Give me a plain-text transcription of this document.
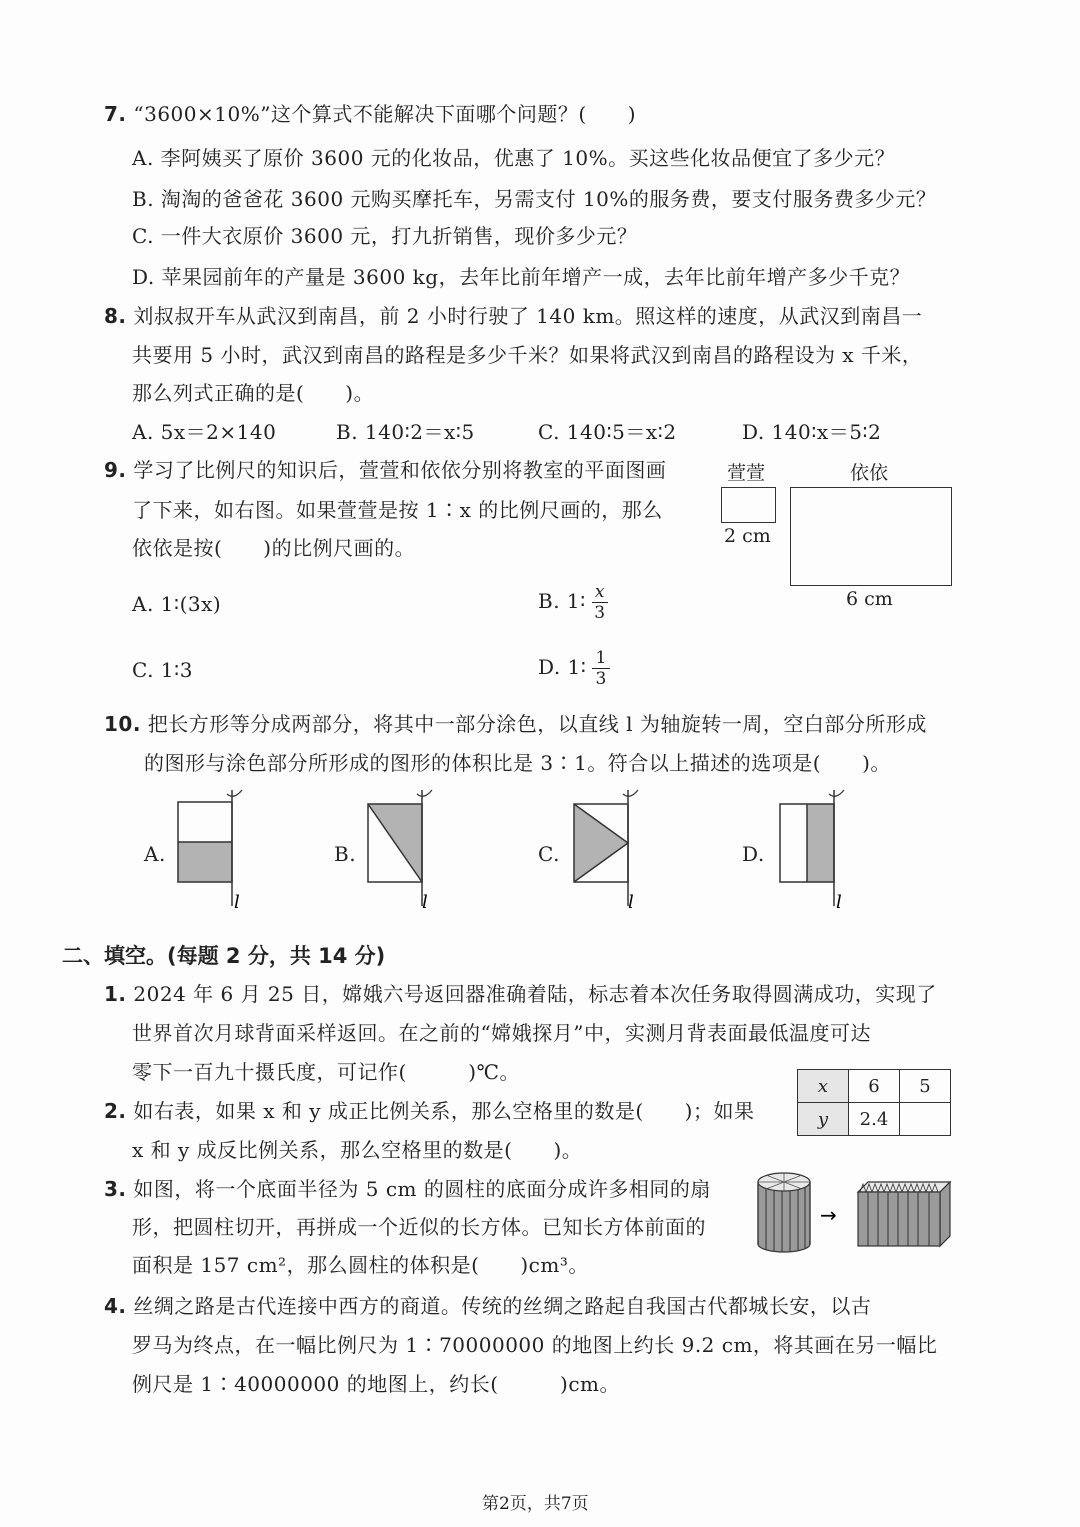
7. “3600×10%”这个算式不能解决下面哪个问题？(　　)
A. 李阿姨买了原价 3600 元的化妆品，优惠了 10%。买这些化妆品便宜了多少元？
B. 淘淘的爸爸花 3600 元购买摩托车，另需支付 10%的服务费，要支付服务费多少元？
C. 一件大衣原价 3600 元，打九折销售，现价多少元？
D. 苹果园前年的产量是 3600 kg，去年比前年增产一成，去年比前年增产多少千克？
8. 刘叔叔开车从武汉到南昌，前 2 小时行驶了 140 km。照这样的速度，从武汉到南昌一
共要用 5 小时，武汉到南昌的路程是多少千米？如果将武汉到南昌的路程设为 x 千米，
那么列式正确的是(　　)。
A. 5x＝2×140	B. 140∶2＝x∶5	C. 140∶5＝x∶2	D. 140∶x＝5∶2
9. 学习了比例尺的知识后，萱萱和依依分别将教室的平面图画
了下来，如右图。如果萱萱是按 1∶x 的比例尺画的，那么
依依是按(　　)的比例尺画的。
萱萱	依依
2 cm
6 cm
A. 1∶(3x)	B. 1∶ $\frac{x}{3}$
C. 1∶3	D. 1∶ $\frac{1}{3}$
10. 把长方形等分成两部分，将其中一部分涂色，以直线 l 为轴旋转一周，空白部分所形成
的图形与涂色部分所形成的图形的体积比是 3∶1。符合以上描述的选项是(　　)。
A.
l
B.
l
C.
l
D.
l
二、填空。(每题 2 分，共 14 分)
1. 2024 年 6 月 25 日，嫦娥六号返回器准确着陆，标志着本次任务取得圆满成功，实现了
世界首次月球背面采样返回。在之前的“嫦娥探月”中，实测月背表面最低温度可达
零下一百九十摄氏度，可记作(　　　)℃。
2. 如右表，如果 x 和 y 成正比例关系，那么空格里的数是(　　)；如果
x 和 y 成反比例关系，那么空格里的数是(　　)。
x	6	5
y	2.4	
3. 如图，将一个底面半径为 5 cm 的圆柱的底面分成许多相同的扇
形，把圆柱切开，再拼成一个近似的长方体。已知长方体前面的
面积是 157 cm²，那么圆柱的体积是(　　)cm³。
→
4. 丝绸之路是古代连接中西方的商道。传统的丝绸之路起自我国古代都城长安，以古
罗马为终点，在一幅比例尺为 1∶70000000 的地图上约长 9.2 cm，将其画在另一幅比
例尺是 1∶40000000 的地图上，约长(　　　)cm。
第2页，共7页
